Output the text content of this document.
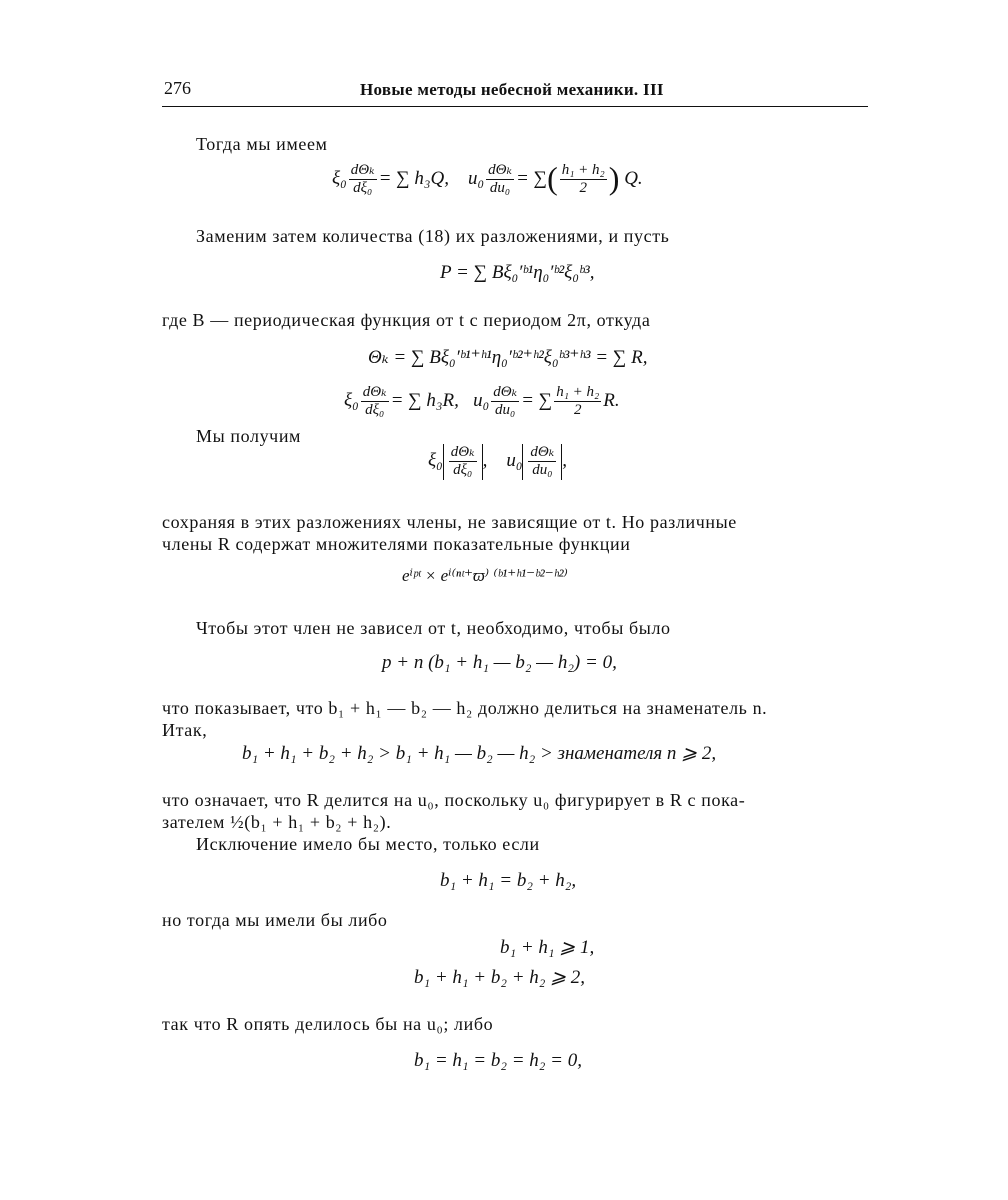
276	Новые методы небесной механики. III
Тогда мы имеем
$\xi_0 \frac{\text{dΘₖ}}{\text{dξ₀}}$ = ∑ h₃Q, $u_0 \frac{\text{dΘₖ}}{\text{du₀}}$ = ∑( $\frac{\text{h₁ + h₂}}{2}$ ) Q.
Заменим затем количества (18) их разложениями, и пусть
P = ∑ Bξ₀′ᵇ¹η₀′ᵇ²ξ₀ᵇ³,
где B — периодическая функция от t с периодом 2π, откуда
Θₖ = ∑ Bξ₀′ᵇ¹⁺ʰ¹η₀′ᵇ²⁺ʰ²ξ₀ᵇ³⁺ʰ³ = ∑ R,
$\xi_0 \frac{\text{dΘₖ}}{\text{dξ₀}}$ = ∑ h₃R, $u_0 \frac{\text{dΘₖ}}{\text{du₀}}$ = ∑ $\frac{\text{h₁ + h₂}}{2} R$.
Мы получим
$\xi_0 \frac{\text{dΘₖ}}{\text{dξ₀}}$ , $u_0 \frac{\text{dΘₖ}}{\text{du₀}}$ ,
сохраняя в этих разложениях члены, не зависящие от t. Но различные
члены R содержат множителями показательные функции
eⁱᵖᵗ × eⁱ⁽ⁿᵗ⁺ϖ⁾ ⁽ᵇ¹⁺ʰ¹⁻ᵇ²⁻ʰ²⁾
Чтобы этот член не зависел от t, необходимо, чтобы было
p + n (b₁ + h₁ — b₂ — h₂) = 0,
что показывает, что b₁ + h₁ — b₂ — h₂ должно делиться на знаменатель n.
Итак,
b₁ + h₁ + b₂ + h₂ > b₁ + h₁ — b₂ — h₂ > знаменателя n ⩾ 2,
что означает, что R делится на u₀, поскольку u₀ фигурирует в R с пока-
зателем ½(b₁ + h₁ + b₂ + h₂).
Исключение имело бы место, только если
b₁ + h₁ = b₂ + h₂,
но тогда мы имели бы либо
b₁ + h₁ ⩾ 1,
b₁ + h₁ + b₂ + h₂ ⩾ 2,
так что R опять делилось бы на u₀; либо
b₁ = h₁ = b₂ = h₂ = 0,
